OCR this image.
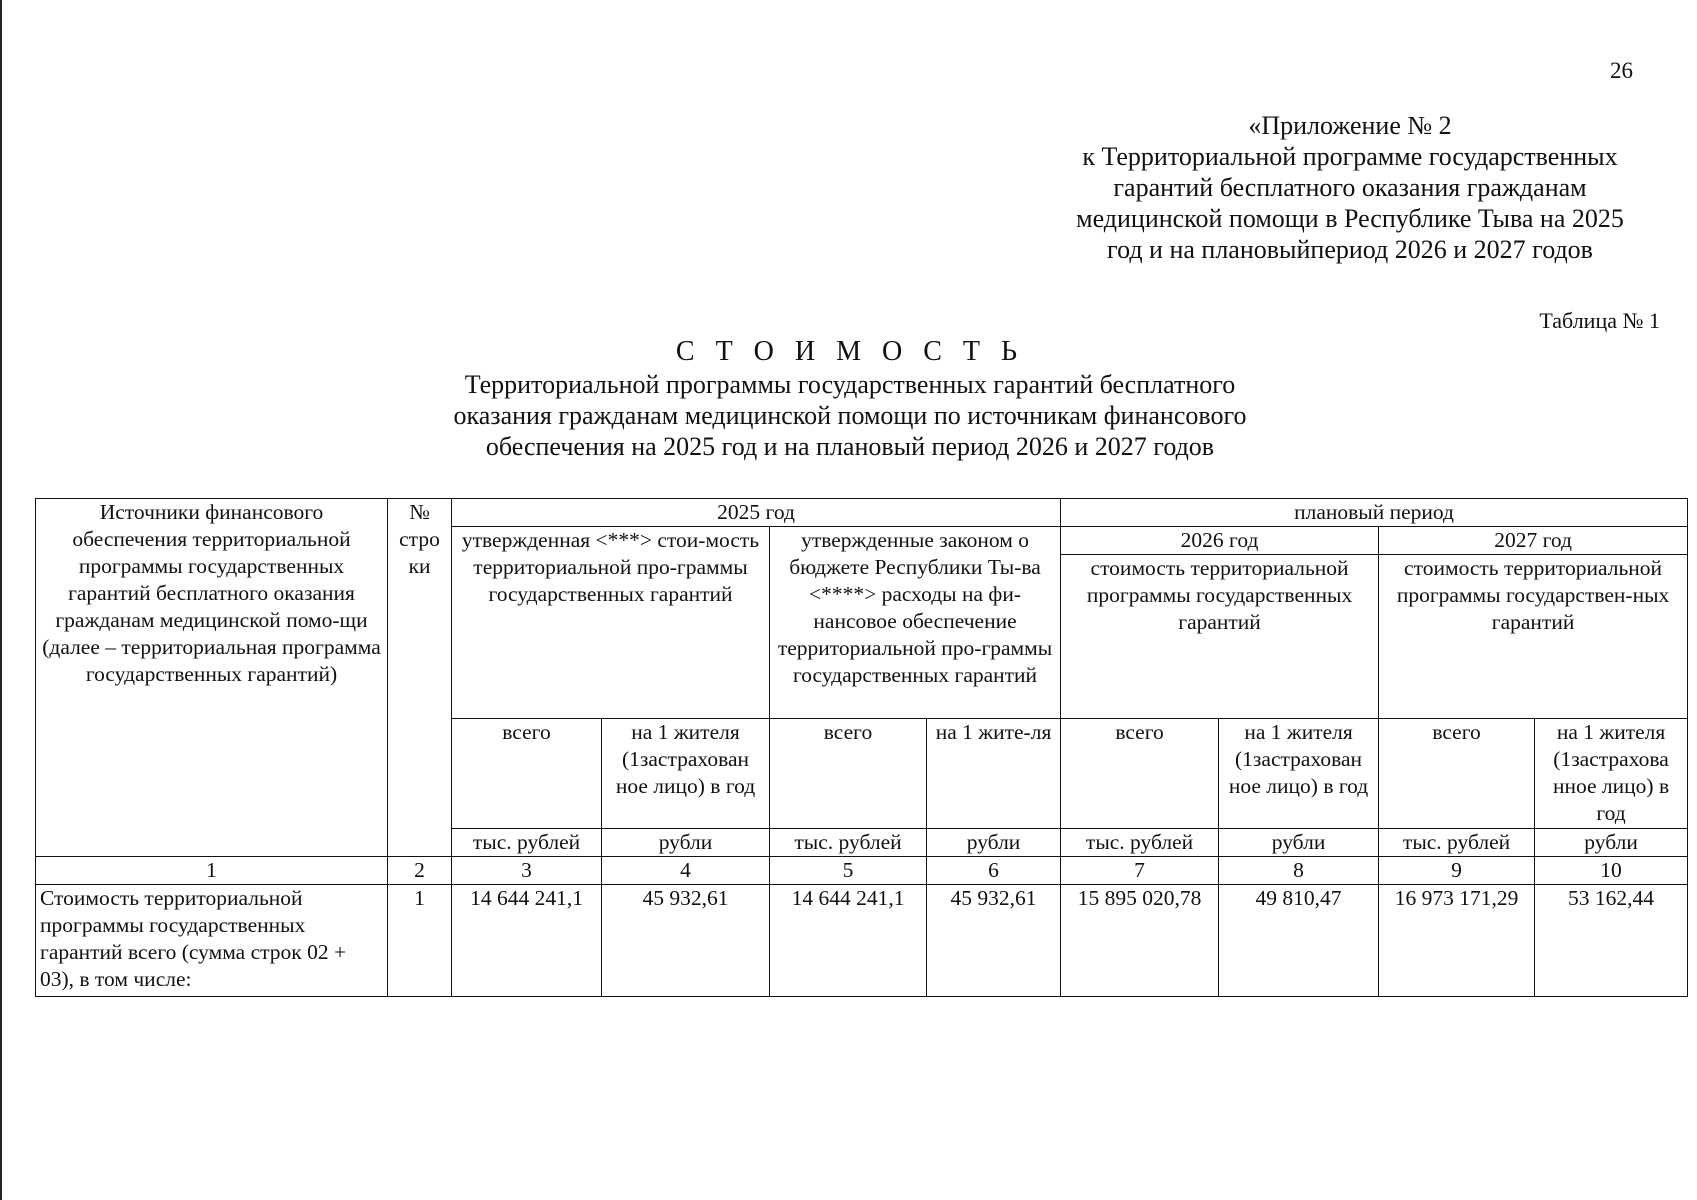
26
«Приложение № 2
к Территориальной программе государственных
гарантий бесплатного оказания гражданам
медицинской помощи в Республике Тыва на 2025
год и на плановыйпериод 2026 и 2027 годов
Таблица № 1
С Т О И М О С Т Ь
Территориальной программы государственных гарантий бесплатного
оказания гражданам медицинской помощи по источникам финансового
обеспечения на 2025 год и на плановый период 2026 и 2027 годов
Источники финансового обеспечения территориальной программы государственных гарантий бесплатного оказания гражданам медицинской помо-щи (далее – территориальная программа государственных гарантий)	№ стро ки	2025 год				плановый период			
		утвержденная <***> стои-мость территориальной про-граммы государственных гарантий		утвержденные законом о бюджете Республики Ты-ва <****> расходы на фи-нансовое обеспечение территориальной про-граммы государственных гарантий		2026 год		2027 год	
						стоимость территориальной программы государственных гарантий		стоимость территориальной программы государствен-ных гарантий	
		всего	на 1 жителя (1застрахован ное лицо) в год	всего	на 1 жите-ля	всего	на 1 жителя (1застрахован ное лицо) в год	всего	на 1 жителя (1застрахова нное лицо) в год
		тыс. рублей	рубли	тыс. рублей	рубли	тыс. рублей	рубли	тыс. рублей	рубли
1	2	3	4	5	6	7	8	9	10
Стоимость территориальной программы государственных гарантий всего (сумма строк 02 + 03), в том числе:	1	14 644 241,1	45 932,61	14 644 241,1	45 932,61	15 895 020,78	49 810,47	16 973 171,29	53 162,44
